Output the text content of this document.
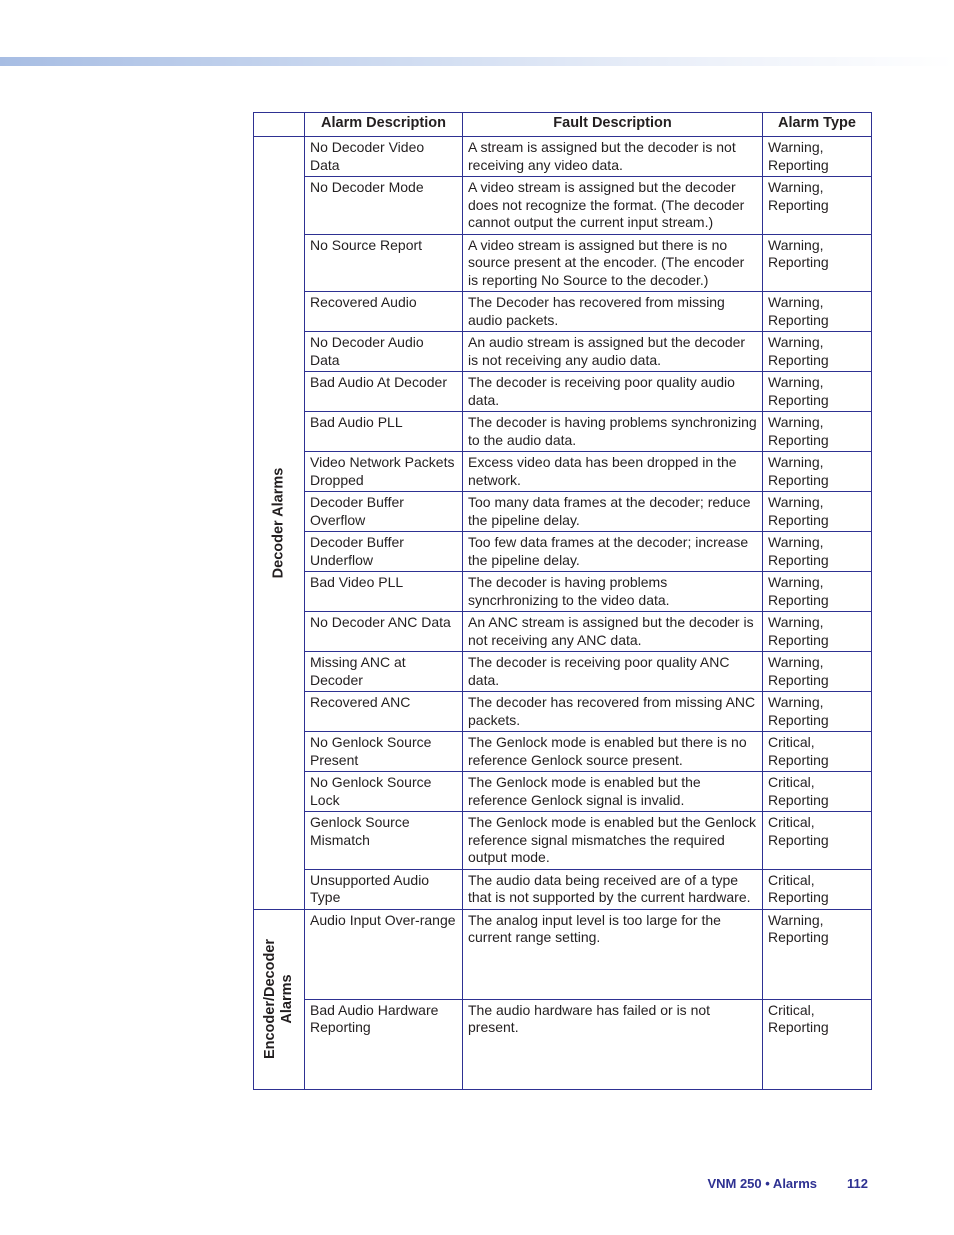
	Alarm Description	Fault Description	Alarm Type

Decoder Alarms	No Decoder Video Data	A stream is assigned but the decoder is not receiving any video data.	Warning, Reporting
	No Decoder Mode	A video stream is assigned but the decoder does not recognize the format. (The decoder cannot output the current input stream.)	Warning, Reporting
	No Source Report	A video stream is assigned but there is no source present at the encoder. (The encoder is reporting No Source to the decoder.)	Warning, Reporting
	Recovered Audio	The Decoder has recovered from missing audio packets.	Warning, Reporting
	No Decoder Audio Data	An audio stream is assigned but the decoder is not receiving any audio data.	Warning, Reporting
	Bad Audio At Decoder	The decoder is receiving poor quality audio data.	Warning, Reporting
	Bad Audio PLL	The decoder is having problems synchronizing to the audio data.	Warning, Reporting
	Video Network Packets Dropped	Excess video data has been dropped in the network.	Warning, Reporting
	Decoder Buffer Overflow	Too many data frames at the decoder; reduce the pipeline delay.	Warning, Reporting
	Decoder Buffer Underflow	Too few data frames at the decoder; increase the pipeline delay.	Warning, Reporting
	Bad Video PLL	The decoder is having problems syncrhronizing to the video data.	Warning, Reporting
	No Decoder ANC Data	An ANC stream is assigned but the decoder is not receiving any ANC data.	Warning, Reporting
	Missing ANC at Decoder	The decoder is receiving poor quality ANC data.	Warning, Reporting
	Recovered ANC	The decoder has recovered from missing ANC packets.	Warning, Reporting
	No Genlock Source Present	The Genlock mode is enabled but there is no reference Genlock source present.	Critical, Reporting
	No Genlock Source Lock	The Genlock mode is enabled but the reference Genlock signal is invalid.	Critical, Reporting
	Genlock Source Mismatch	The Genlock mode is enabled but the Genlock reference signal mismatches the required output mode.	Critical, Reporting
	Unsupported Audio Type	The audio data being received are of a type that is not supported by the current hardware.	Critical, Reporting

Encoder/Decoder Alarms	Audio Input Over-range	The analog input level is too large for the current range setting.	Warning, Reporting
	Bad Audio Hardware Reporting	The audio hardware has failed or is not present.	Critical, Reporting
VNM 250 • Alarms 112
